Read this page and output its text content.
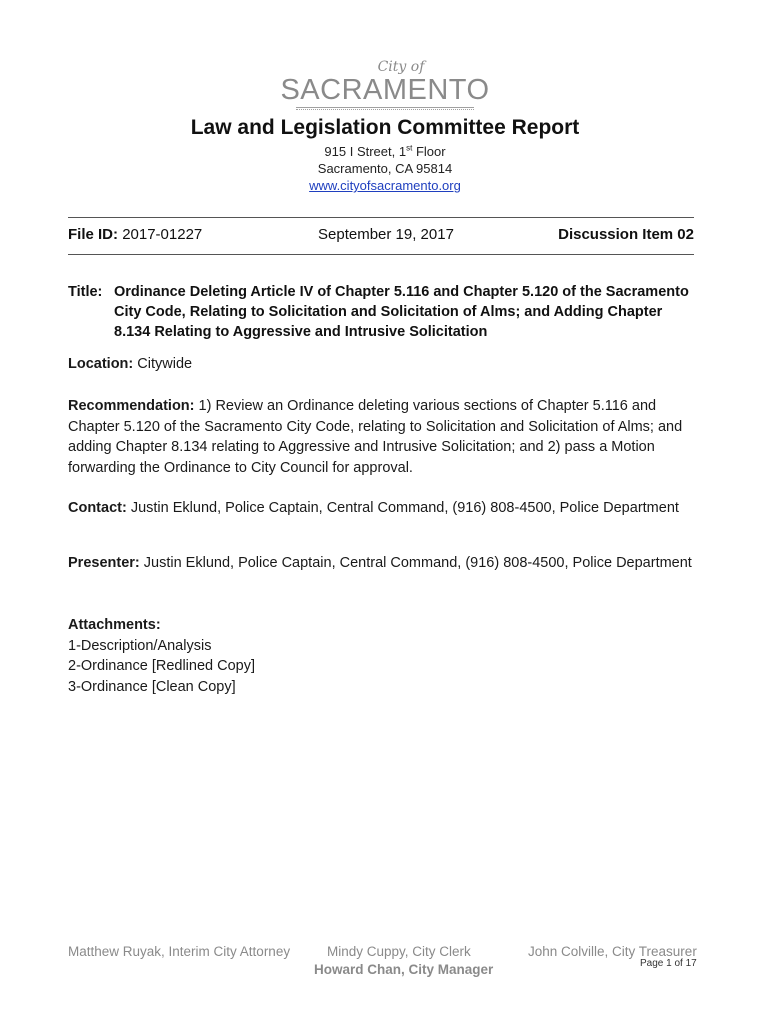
City of
SACRAMENTO
Law and Legislation Committee Report
915 I Street, 1st Floor
Sacramento, CA 95814
www.cityofsacramento.org
File ID: 2017-01227	September 19, 2017	Discussion Item 02
Title: Ordinance Deleting Article IV of Chapter 5.116 and Chapter 5.120 of the Sacramento City Code, Relating to Solicitation and Solicitation of Alms; and Adding Chapter 8.134 Relating to Aggressive and Intrusive Solicitation
Location: Citywide
Recommendation: 1) Review an Ordinance deleting various sections of Chapter 5.116 and Chapter 5.120 of the Sacramento City Code, relating to Solicitation and Solicitation of Alms; and adding Chapter 8.134 relating to Aggressive and Intrusive Solicitation; and 2) pass a Motion forwarding the Ordinance to City Council for approval.
Contact: Justin Eklund, Police Captain, Central Command, (916) 808-4500, Police Department
Presenter: Justin Eklund, Police Captain, Central Command, (916) 808-4500, Police Department
Attachments:
1-Description/Analysis
2-Ordinance [Redlined Copy]
3-Ordinance [Clean Copy]
Matthew Ruyak, Interim City Attorney	Mindy Cuppy, City Clerk	John Colville, City Treasurer
Howard Chan, City Manager	Page 1 of 17
